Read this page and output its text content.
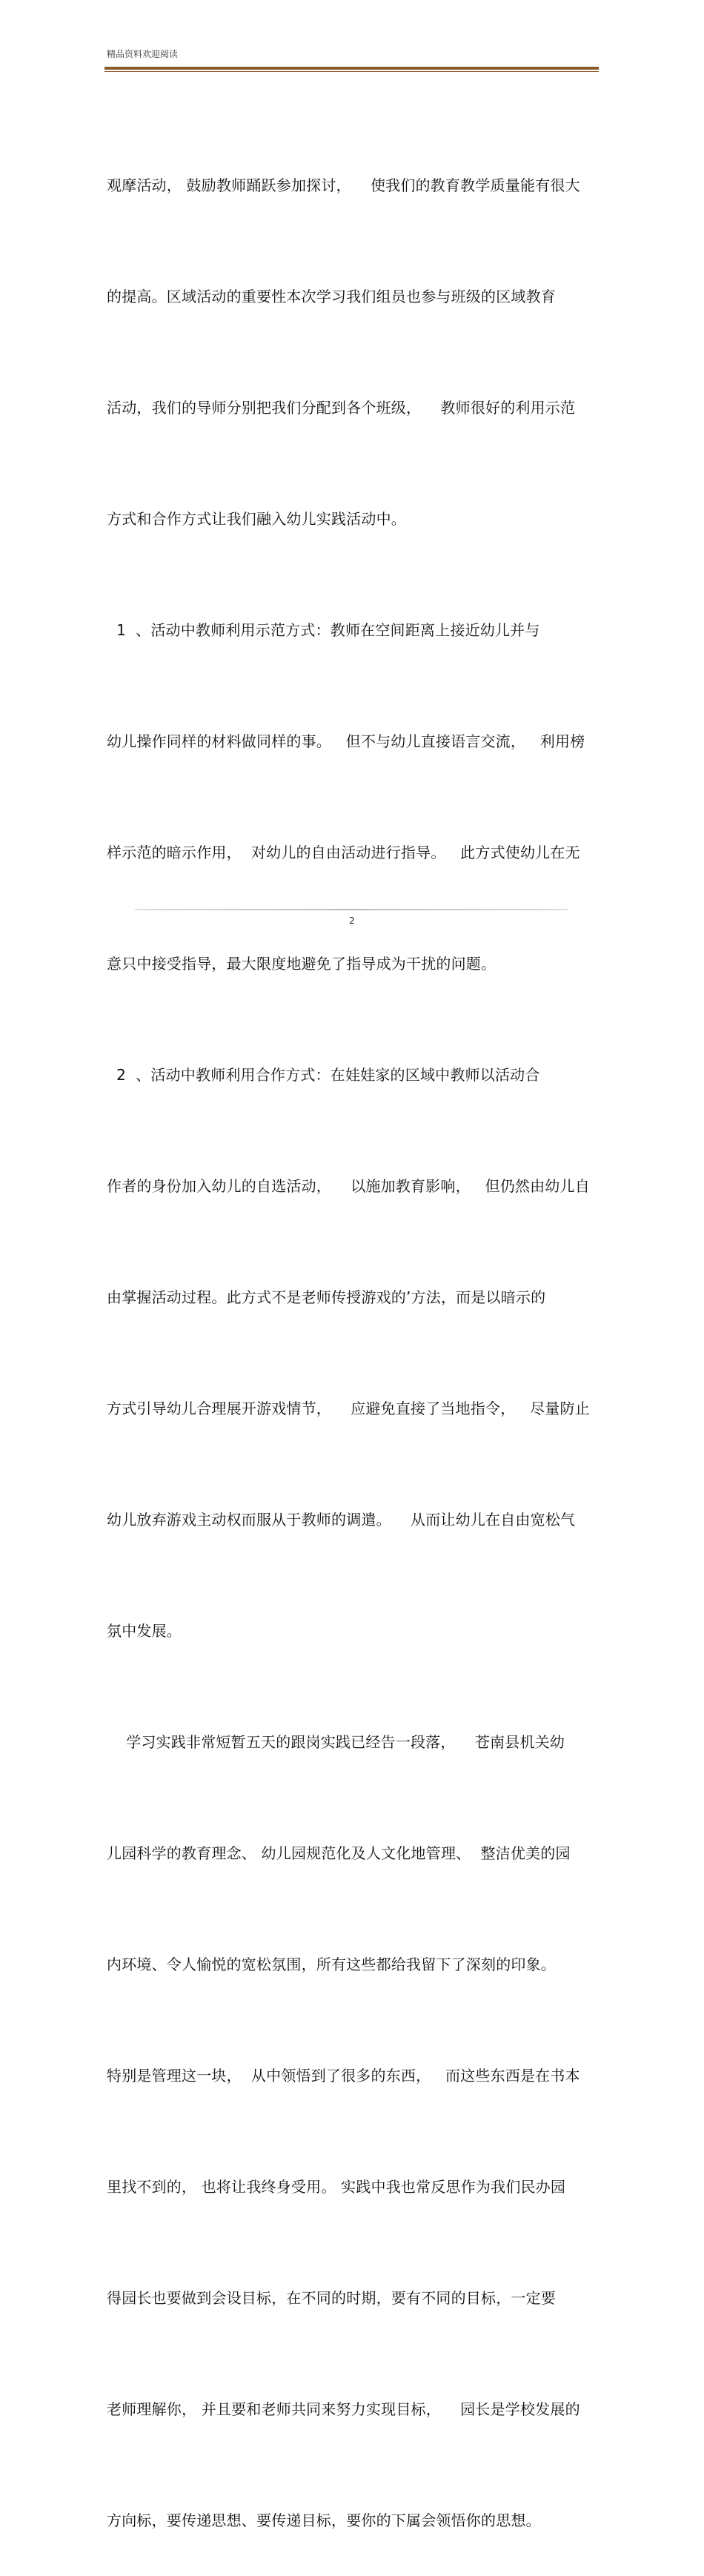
精品资料欢迎阅读

观摩活动， 鼓励教师踊跃参加探讨，    使我们的教育教学质量能有很大

的提高。区域活动的重要性本次学习我们组员也参与班级的区域教育

活动，我们的导师分别把我们分配到各个班级，    教师很好的利用示范

方式和合作方式让我们融入幼儿实践活动中。

1  、活动中教师利用示范方式：教师在空间距离上接近幼儿并与

幼儿操作同样的材料做同样的事。   但不与幼儿直接语言交流，   利用榜

样示范的暗示作用，  对幼儿的自由活动进行指导。   此方式使幼儿在无

意只中接受指导，最大限度地避免了指导成为干扰的问题。

2  、活动中教师利用合作方式：在娃娃家的区域中教师以活动合

作者的身份加入幼儿的自选活动，    以施加教育影响，   但仍然由幼儿自

由掌握活动过程。此方式不是老师传授游戏的’方法，而是以暗示的

方式引导幼儿合理展开游戏情节，    应避免直接了当地指令，   尽量防止

幼儿放弃游戏主动权而服从于教师的调遣。    从而让幼儿在自由宽松气

氛中发展。

学习实践非常短暂五天的跟岗实践已经告一段落，    苍南县机关幼

儿园科学的教育理念、 幼儿园规范化及人文化地管理、  整洁优美的园

内环境、令人愉悦的宽松氛围，所有这些都给我留下了深刻的印象。

特别是管理这一块，  从中领悟到了很多的东西，   而这些东西是在书本

里找不到的， 也将让我终身受用。 实践中我也常反思作为我们民办园

得园长也要做到会设目标，在不同的时期，要有不同的目标，一定要

老师理解你， 并且要和老师共同来努力实现目标，    园长是学校发展的

方向标，要传递思想、要传递目标，要你的下属会领悟你的思想。

2
